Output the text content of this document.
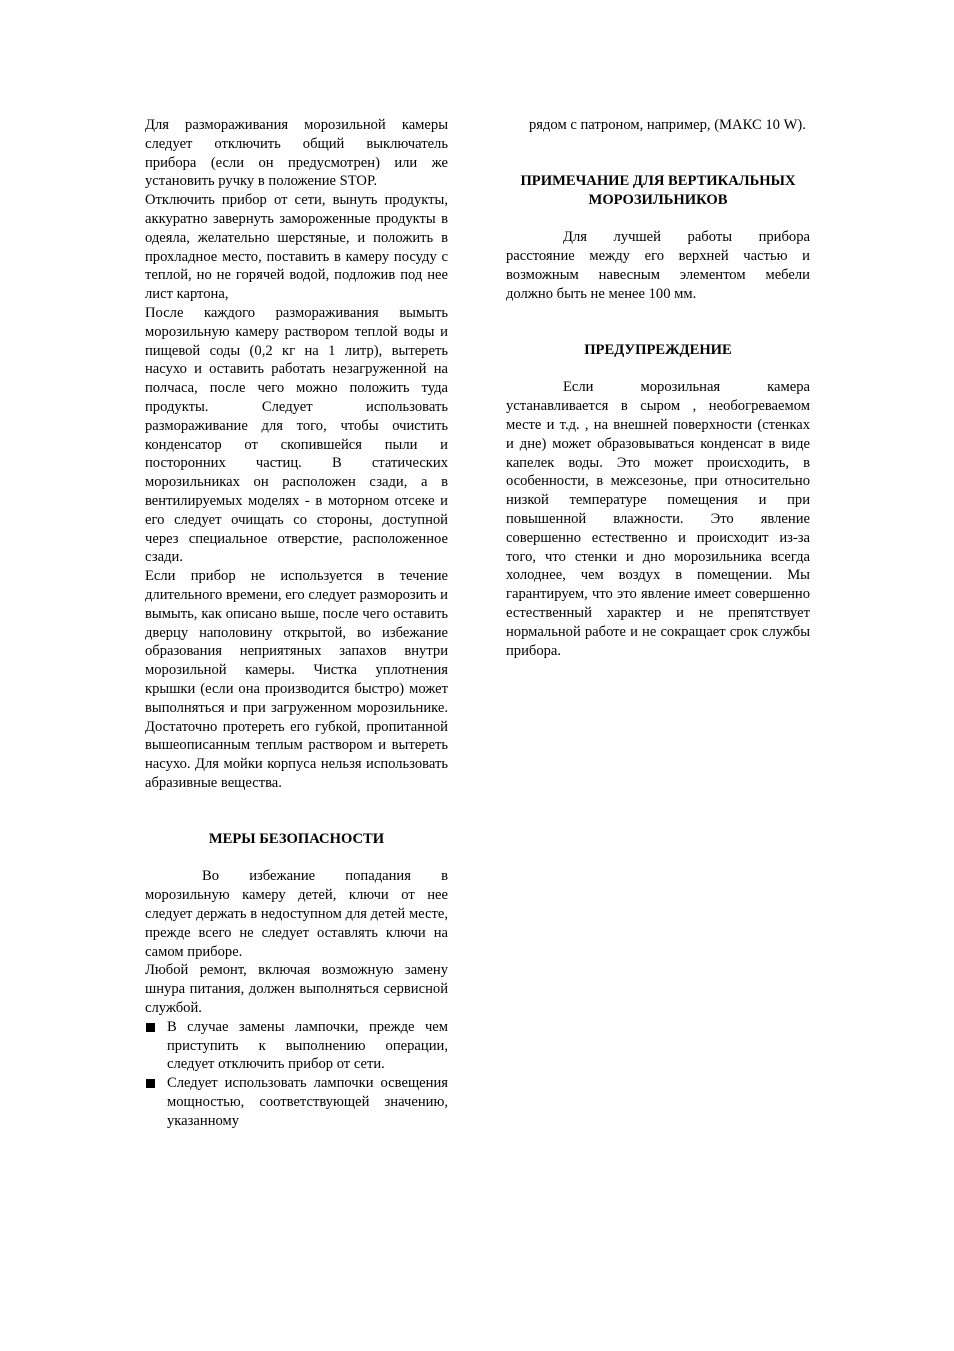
Для размораживания морозильной камеры следует отключить общий выключатель прибора (если он предусмотрен) или же установить ручку в положение STOP.

Отключить прибор от сети, вынуть продукты, аккуратно завернуть замороженные продукты в одеяла, желательно шерстяные, и положить в прохладное место, поставить в камеру посуду с теплой, но не горячей водой, подложив под нее лист картона,

После каждого размораживания вымыть морозильную камеру раствором теплой воды и пищевой соды (0,2 кг на 1 литр), вытереть насухо и оставить работать незагруженной на полчаса, после чего можно положить туда продукты. Следует использовать размораживание для того, чтобы очистить конденсатор от скопившейся пыли и посторонних частиц. В статических морозильниках он расположен сзади, а в вентилируемых моделях - в моторном отсеке и его следует очищать со стороны, доступной через специальное отверстие, расположенное сзади.

Если прибор не используется в течение длительного времени, его следует разморозить и вымыть, как описано выше, после чего оставить дверцу наполовину открытой, во избежание образования неприятяных запахов внутри морозильной камеры. Чистка уплотнения крышки (если она производится быстро) может выполняться и при загруженном морозильнике. Достаточно протереть его губкой, пропитанной вышеописанным теплым раствором и вытереть насухо. Для мойки корпуса нельзя использовать абразивные вещества.

МЕРЫ БЕЗОПАСНОСТИ

Во избежание попадания в морозильную камеру детей, ключи от нее следует держать в недоступном для детей месте, прежде всего не следует оставлять ключи на самом приборе.

Любой ремонт, включая возможную замену шнура питания, должен выполняться сервисной службой.

В случае замены лампочки, прежде чем приступить к выполнению операции, следует отключить прибор от сети.
Следует использовать лампочки освещения мощностью, соответствующей значению, указанному

рядом с патроном, например, (МАКС 10 W).

ПРИМЕЧАНИЕ ДЛЯ ВЕРТИКАЛЬНЫХ
МОРОЗИЛЬНИКОВ

Для лучшей работы прибора расстояние между его верхней частью и возможным навесным элементом мебели должно быть не менее 100 мм.

ПРЕДУПРЕЖДЕНИЕ

Если морозильная камера устанавливается в сыром , необогреваемом месте и т.д. , на внешней поверхности (стенках и дне) может образовываться конденсат в виде капелек воды. Это может происходить, в особенности, в межсезонье, при относительно низкой температуре помещения и при повышенной влажности. Это явление совершенно естественно и происходит из-за того, что стенки и дно морозильника всегда холоднее, чем воздух в помещении. Мы гарантируем, что это явление имеет совершенно естественный характер и не препятствует нормальной работе и не сокращает срок службы прибора.
